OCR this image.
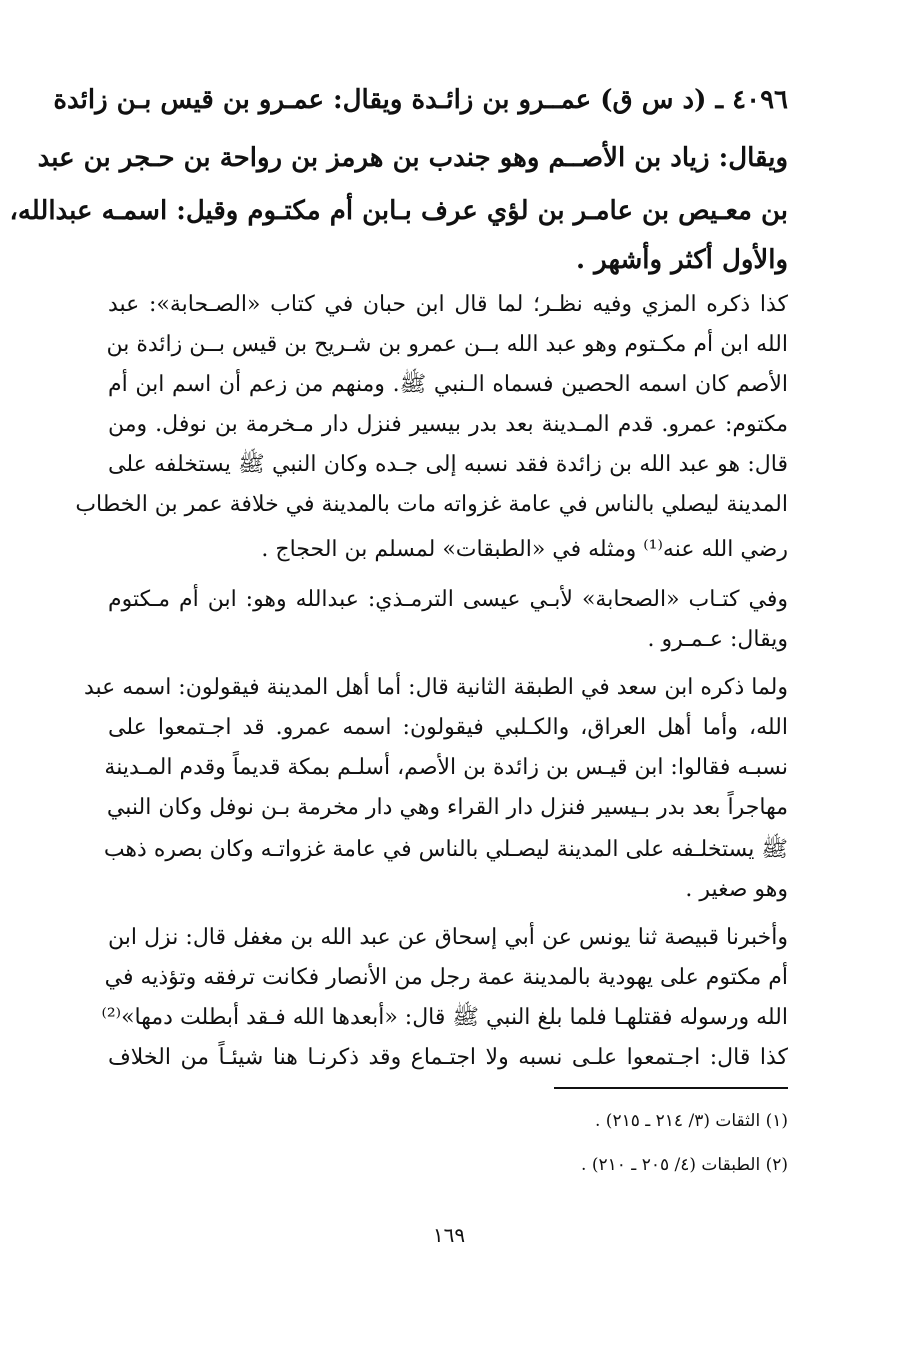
٤٠٩٦ ـ (د س ق) عمــرو بن زائـدة ويقال: عمـرو بن قيس بـن زائدة
ويقال: زياد بن الأصــم وهو جندب بن هرمز بن رواحة بن حـجر بن عبد
بن معـيص بن عامـر بن لؤي عرف بـابن أم مكتـوم وقيل: اسمـه عبدالله،
والأول أكثر وأشهر .
كذا ذكره المزي وفيه نظـر؛ لما قال ابن حبان في كتاب «الصـحابة»: عبد
الله ابن أم مكـتوم وهو عبد الله بــن عمرو بن شـريح بن قيس بــن زائدة بن
الأصم كان اسمه الحصين فسماه الـنبي ﷺ. ومنهم من زعم أن اسم ابن أم
مكتوم: عمرو. قدم المـدينة بعد بدر بيسير فنزل دار مـخرمة بن نوفل. ومن
قال: هو عبد الله بن زائدة فقد نسبه إلى جـده وكان النبي ﷺ يستخلفه على
المدينة ليصلي بالناس في عامة غزواته مات بالمدينة في خلافة عمر بن الخطاب
رضي الله عنه⁽¹⁾ ومثله في «الطبقات» لمسلم بن الحجاج .
وفي كتـاب «الصحابة» لأبـي عيسى الترمـذي: عبدالله وهو: ابن أم مـكتوم
ويقال: عـمـرو .
ولما ذكره ابن سعد في الطبقة الثانية قال: أما أهل المدينة فيقولون: اسمه عبد
الله، وأما أهل العراق، والكـلبي فيقولون: اسمه عمرو. قد اجـتمعوا على
نسبـه فقالوا: ابن قيـس بن زائدة بن الأصم، أسلـم بمكة قديماً وقدم المـدينة
مهاجراً بعد بدر بـيسير فنزل دار القراء وهي دار مخرمة بـن نوفل وكان النبي
ﷺ يستخلـفه على المدينة ليصـلي بالناس في عامة غزواتـه وكان بصره ذهب
وهو صغير .
وأخبرنا قبيصة ثنا يونس عن أبي إسحاق عن عبد الله بن مغفل قال: نزل ابن
أم مكتوم على يهودية بالمدينة عمة رجل من الأنصار فكانت ترفقه وتؤذيه في
الله ورسوله فقتلهـا فلما بلغ النبي ﷺ قال: «أبعدها الله فـقد أبطلت دمها»⁽²⁾
كذا قال: اجـتمعوا علـى نسبه ولا اجتـماع وقد ذكرنـا هنا شيئـاً من الخلاف
(١) الثقات (٣/ ٢١٤ ـ ٢١٥) .
(٢) الطبقات (٤/ ٢٠٥ ـ ٢١٠) .
١٦٩
